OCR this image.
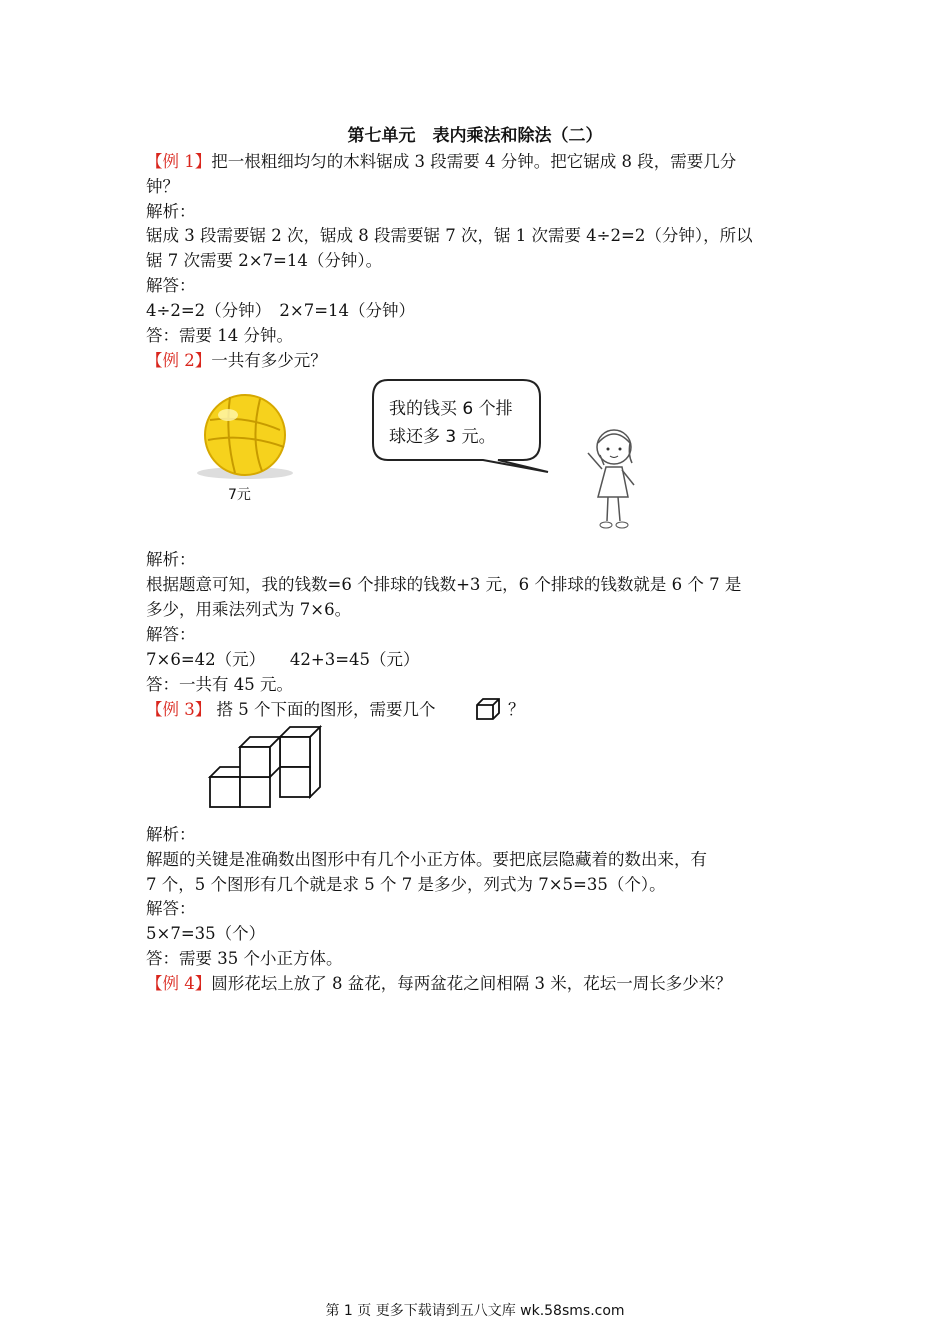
第七单元　表内乘法和除法（二）
【例 1】把一根粗细均匀的木料锯成 3 段需要 4 分钟。把它锯成 8 段，需要几分
钟？
解析：
锯成 3 段需要锯 2 次，锯成 8 段需要锯 7 次，锯 1 次需要 4÷2=2（分钟），所以
锯 7 次需要 2×7=14（分钟）。
解答：
4÷2=2（分钟）　2×7=14（分钟）
答：需要 14 分钟。
【例 2】一共有多少元？
7元
我的钱买 6 个排
球还多 3 元。
解析：
根据题意可知，我的钱数=6 个排球的钱数+3 元，6 个排球的钱数就是 6 个 7 是
多少，用乘法列式为 7×6。
解答：
7×6=42（元）　　42+3=45（元）
答：一共有 45 元。
【例 3】 搭 5 个下面的图形，需要几个	？
解析：
解题的关键是准确数出图形中有几个小正方体。要把底层隐藏着的数出来，有
7 个，5 个图形有几个就是求 5 个 7 是多少，列式为 7×5=35（个）。
解答：
5×7=35（个）
答：需要 35 个小正方体。
【例 4】圆形花坛上放了 8 盆花，每两盆花之间相隔 3 米，花坛一周长多少米？
第 1 页 更多下载请到五八文库 wk.58sms.com
